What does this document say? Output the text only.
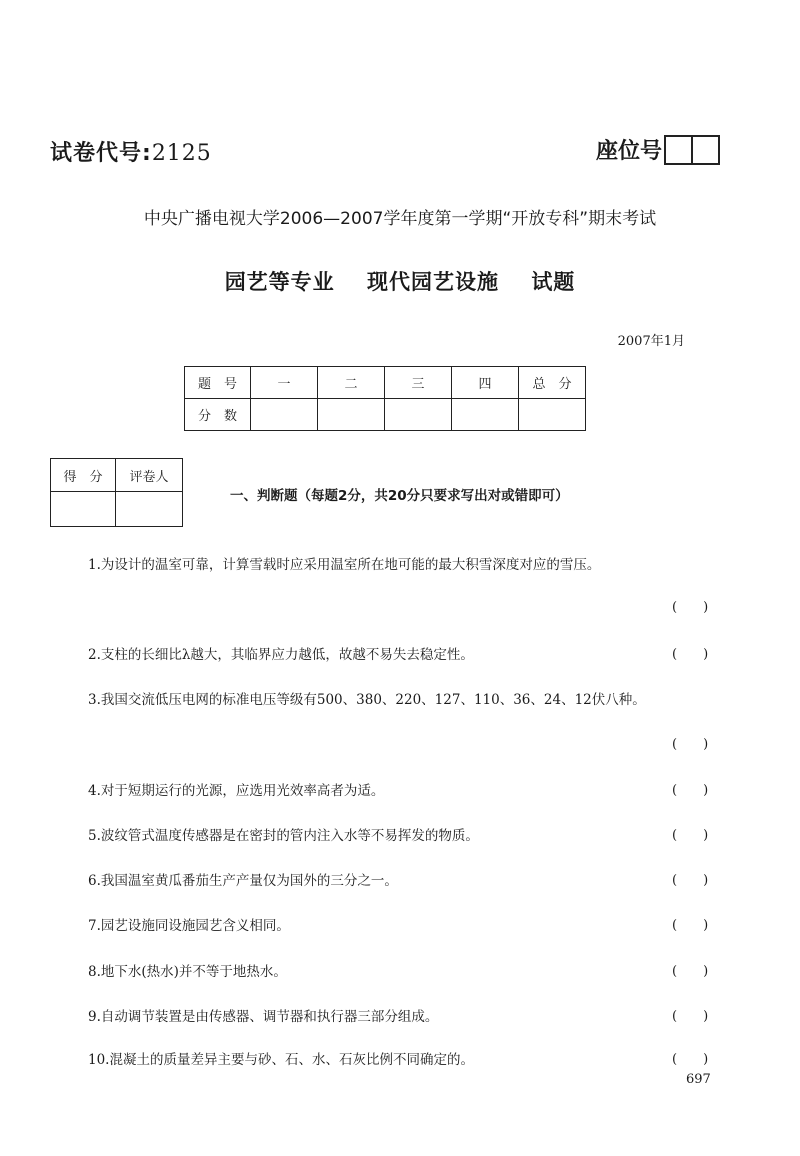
试卷代号:2125	座位号
中央广播电视大学2006—2007学年度第一学期“开放专科”期末考试
园艺等专业 现代园艺设施 试题
2007年1月
题　号	一	二	三	四	总　分
分　数					
得　分	评卷人

一、判断题（每题2分，共20分只要求写出对或错即可）
1.为设计的温室可靠，计算雪载时应采用温室所在地可能的最大积雪深度对应的雪压。
(　　)
2.支柱的长细比λ越大，其临界应力越低，故越不易失去稳定性。	(　　)
3.我国交流低压电网的标准电压等级有500、380、220、127、110、36、24、12伏八种。
(　　)
4.对于短期运行的光源，应选用光效率高者为适。	(　　)
5.波纹管式温度传感器是在密封的管内注入水等不易挥发的物质。	(　　)
6.我国温室黄瓜番茄生产产量仅为国外的三分之一。	(　　)
7.园艺设施同设施园艺含义相同。	(　　)
8.地下水(热水)并不等于地热水。	(　　)
9.自动调节装置是由传感器、调节器和执行器三部分组成。	(　　)
10.混凝土的质量差异主要与砂、石、水、石灰比例不同确定的。	(　　)
697
